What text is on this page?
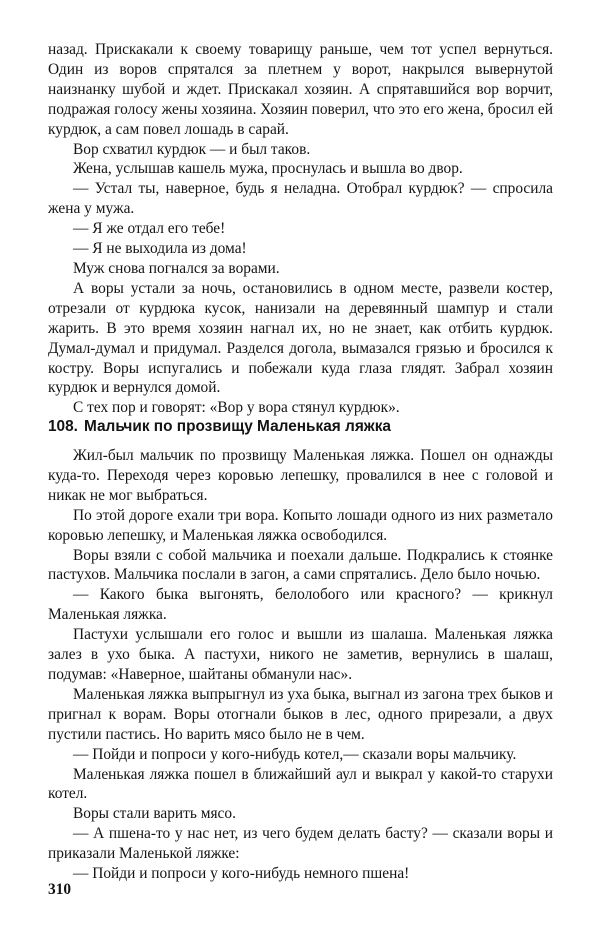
назад. Прискакали к своему товарищу раньше, чем тот успел вернуться. Один из воров спрятался за плетнем у ворот, накрылся вывернутой наизнанку шубой и ждет. Прискакал хозяин. А спрятавшийся вор ворчит, подражая голосу жены хозяина. Хозяин поверил, что это его жена, бросил ей курдюк, а сам повел лошадь в сарай.

Вор схватил курдюк — и был таков.

Жена, услышав кашель мужа, проснулась и вышла во двор.

— Устал ты, наверное, будь я неладна. Отобрал курдюк? — спросила жена у мужа.

— Я же отдал его тебе!

— Я не выходила из дома!

Муж снова погнался за ворами.

А воры устали за ночь, остановились в одном месте, развели костер, отрезали от курдюка кусок, нанизали на деревянный шампур и стали жарить. В это время хозяин нагнал их, но не знает, как отбить курдюк. Думал-думал и придумал. Разделся догола, вымазался грязью и бросился к костру. Воры испугались и побежали куда глаза глядят. Забрал хозяин курдюк и вернулся домой.

С тех пор и говорят: «Вор у вора стянул курдюк».

108. Мальчик по прозвищу Маленькая ляжка

Жил-был мальчик по прозвищу Маленькая ляжка. Пошел он однажды куда-то. Переходя через коровью лепешку, провалился в нее с головой и никак не мог выбраться.

По этой дороге ехали три вора. Копыто лошади одного из них разметало коровью лепешку, и Маленькая ляжка освободился.

Воры взяли с собой мальчика и поехали дальше. Подкрались к стоянке пастухов. Мальчика послали в загон, а сами спрятались. Дело было ночью.

— Какого быка выгонять, белолобого или красного? — крикнул Маленькая ляжка.

Пастухи услышали его голос и вышли из шалаша. Маленькая ляжка залез в ухо быка. А пастухи, никого не заметив, вернулись в шалаш, подумав: «Наверное, шайтаны обманули нас».

Маленькая ляжка выпрыгнул из уха быка, выгнал из загона трех быков и пригнал к ворам. Воры отогнали быков в лес, одного прирезали, а двух пустили пастись. Но варить мясо было не в чем.

— Пойди и попроси у кого-нибудь котел,— сказали воры мальчику.

Маленькая ляжка пошел в ближайший аул и выкрал у какой-то старухи котел.

Воры стали варить мясо.

— А пшена-то у нас нет, из чего будем делать басту? — сказали воры и приказали Маленькой ляжке:

— Пойди и попроси у кого-нибудь немного пшена!

310
